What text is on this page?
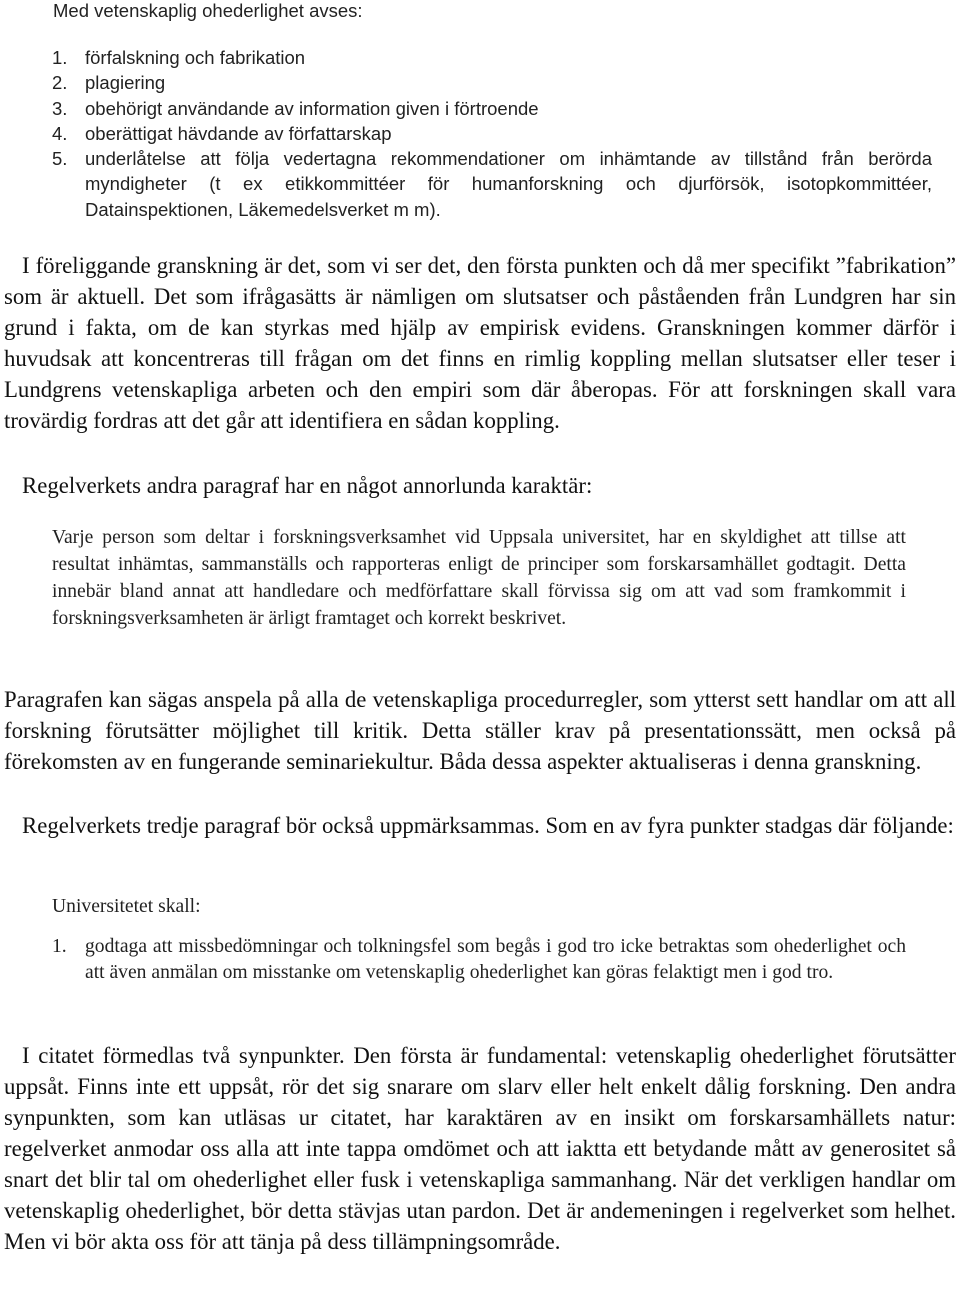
Med vetenskaplig ohederlighet avses:
1. förfalskning och fabrikation
2. plagiering
3. obehörigt användande av information given i förtroende
4. oberättigat hävdande av författarskap
5. underlåtelse att följa vedertagna rekommendationer om inhämtande av tillstånd från berörda myndigheter (t ex etikkommittéer för humanforskning och djurförsök, isotopkommittéer, Datainspektionen, Läkemedelsverket m m).

I föreliggande granskning är det, som vi ser det, den första punkten och då mer specifikt ”fabrikation” som är aktuell. Det som ifrågasätts är nämligen om slutsatser och påståenden från Lundgren har sin grund i fakta, om de kan styrkas med hjälp av empirisk evidens. Granskningen kommer därför i huvudsak att koncentreras till frågan om det finns en rimlig koppling mellan slutsatser eller teser i Lundgrens vetenskapliga arbeten och den empiri som där åberopas. För att forskningen skall vara trovärdig fordras att det går att identifiera en sådan koppling.

Regelverkets andra paragraf har en något annorlunda karaktär:

Varje person som deltar i forskningsverksamhet vid Uppsala universitet, har en skyldighet att tillse att resultat inhämtas, sammanställs och rapporteras enligt de principer som forskarsamhället godtagit. Detta innebär bland annat att handledare och medförfattare skall förvissa sig om att vad som framkommit i forskningsverksamheten är ärligt framtaget och korrekt beskrivet.

Paragrafen kan sägas anspela på alla de vetenskapliga procedurregler, som ytterst sett handlar om att all forskning förutsätter möjlighet till kritik. Detta ställer krav på presentationssätt, men också på förekomsten av en fungerande seminariekultur. Båda dessa aspekter aktualiseras i denna granskning.

Regelverkets tredje paragraf bör också uppmärksammas. Som en av fyra punkter stadgas där följande:

Universitetet skall:
1. godtaga att missbedömningar och tolkningsfel som begås i god tro icke betraktas som ohederlighet och att även anmälan om misstanke om vetenskaplig ohederlighet kan göras felaktigt men i god tro.

I citatet förmedlas två synpunkter. Den första är fundamental: vetenskaplig ohederlighet förutsätter uppsåt. Finns inte ett uppsåt, rör det sig snarare om slarv eller helt enkelt dålig forskning. Den andra synpunkten, som kan utläsas ur citatet, har karaktären av en insikt om forskarsamhällets natur: regelverket anmodar oss alla att inte tappa omdömet och att iaktta ett betydande mått av generositet så snart det blir tal om ohederlighet eller fusk i vetenskapliga sammanhang. När det verkligen handlar om vetenskaplig ohederlighet, bör detta stävjas utan pardon. Det är andemeningen i regelverket som helhet. Men vi bör akta oss för att tänja på dess tillämpningsområde.
